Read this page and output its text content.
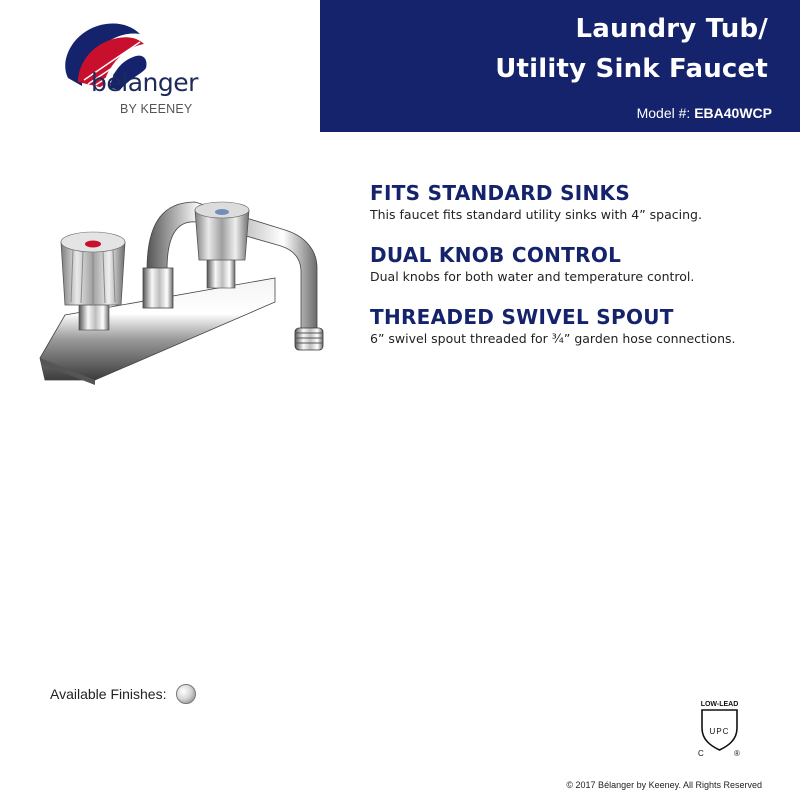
bélanger
BY KEENEY
Laundry Tub/
Utility Sink Faucet
Model #: EBA40WCP
FITS STANDARD SINKS

This faucet fits standard utility sinks with 4” spacing.

DUAL KNOB CONTROL

Dual knobs for both water and temperature control.

THREADED SWIVEL SPOUT

6” swivel spout threaded for ¾” garden hose connections.

Available Finishes:
LOW-LEAD
UPC
C	®
© 2017 Bélanger by Keeney. All Rights Reserved
